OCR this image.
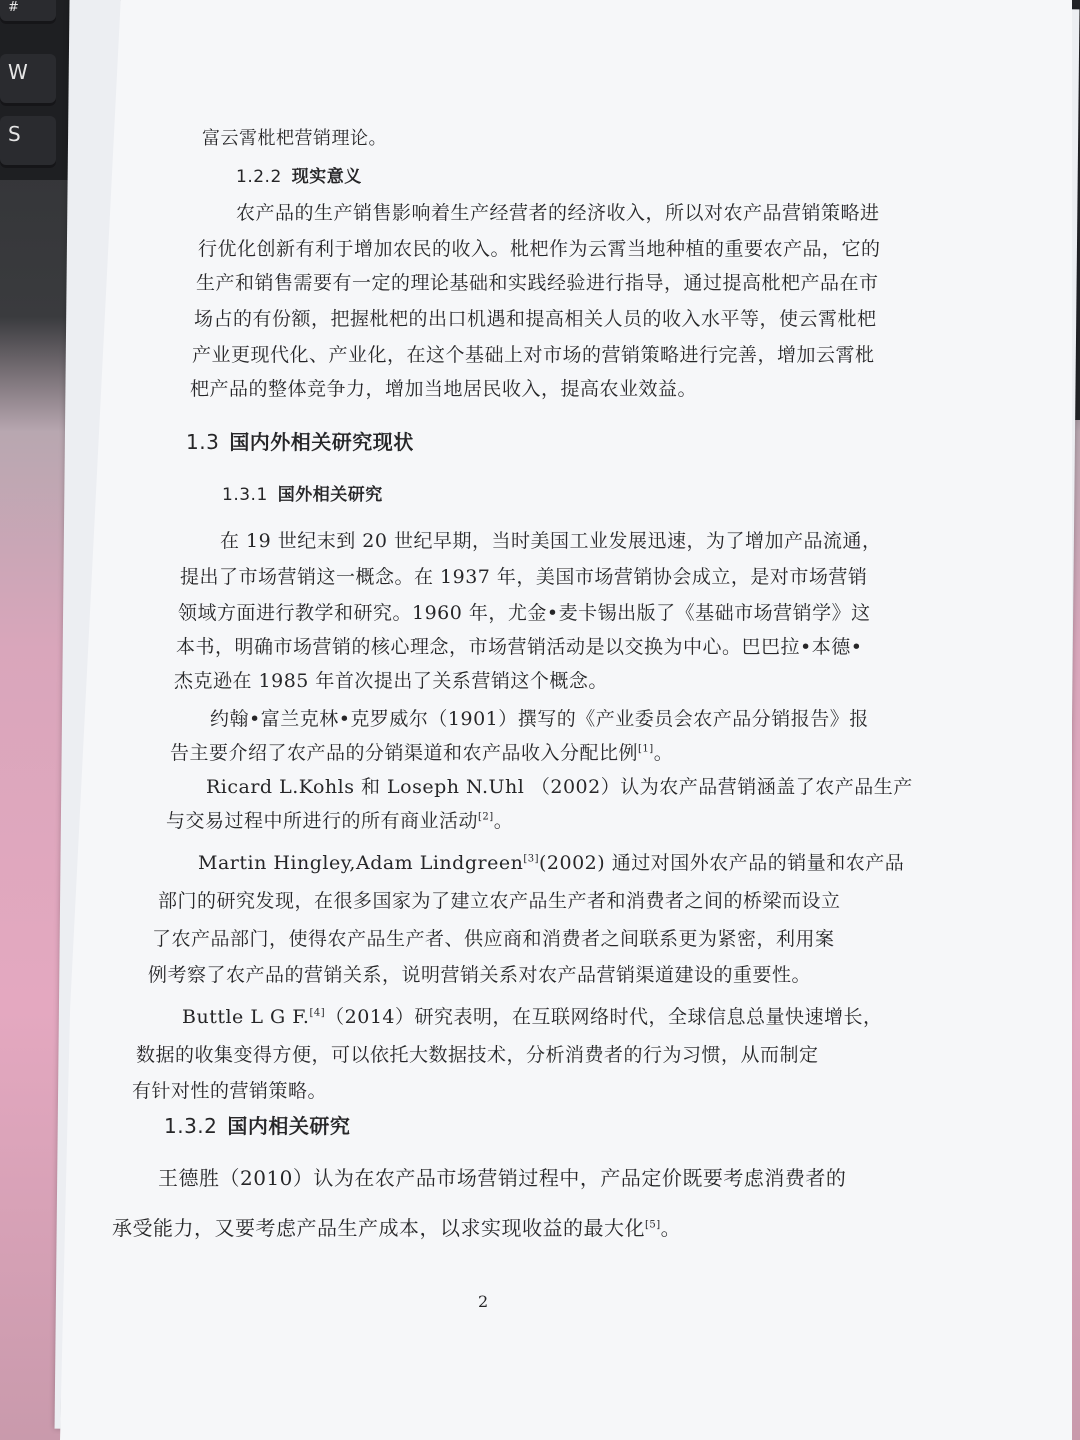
#
W
S	富云霄枇杷营销理论。
1.2.2 现实意义
农产品的生产销售影响着生产经营者的经济收入，所以对农产品营销策略进
行优化创新有利于增加农民的收入。枇杷作为云霄当地种植的重要农产品，它的
生产和销售需要有一定的理论基础和实践经验进行指导，通过提高枇杷产品在市
场占的有份额，把握枇杷的出口机遇和提高相关人员的收入水平等，使云霄枇杷
产业更现代化、产业化，在这个基础上对市场的营销策略进行完善，增加云霄枇
杷产品的整体竞争力，增加当地居民收入，提高农业效益。
1.3 国内外相关研究现状
1.3.1 国外相关研究
在 19 世纪末到 20 世纪早期，当时美国工业发展迅速，为了增加产品流通，
提出了市场营销这一概念。在 1937 年，美国市场营销协会成立，是对市场营销
领域方面进行教学和研究。1960 年，尤金•麦卡锡出版了《基础市场营销学》这
本书，明确市场营销的核心理念，市场营销活动是以交换为中心。巴巴拉•本德•
杰克逊在 1985 年首次提出了关系营销这个概念。
约翰•富兰克林•克罗威尔（1901）撰写的《产业委员会农产品分销报告》报
告主要介绍了农产品的分销渠道和农产品收入分配比例[1]。
Ricard L.Kohls 和 Loseph N.Uhl （2002）认为农产品营销涵盖了农产品生产
与交易过程中所进行的所有商业活动[2]。
Martin Hingley,Adam Lindgreen[3](2002) 通过对国外农产品的销量和农产品
部门的研究发现，在很多国家为了建立农产品生产者和消费者之间的桥梁而设立
了农产品部门，使得农产品生产者、供应商和消费者之间联系更为紧密，利用案
例考察了农产品的营销关系，说明营销关系对农产品营销渠道建设的重要性。
Buttle L G F.[4]（2014）研究表明，在互联网络时代，全球信息总量快速增长，
数据的收集变得方便，可以依托大数据技术，分析消费者的行为习惯，从而制定
有针对性的营销策略。
1.3.2 国内相关研究
王德胜（2010）认为在农产品市场营销过程中，产品定价既要考虑消费者的
承受能力，又要考虑产品生产成本，以求实现收益的最大化[5]。
2
